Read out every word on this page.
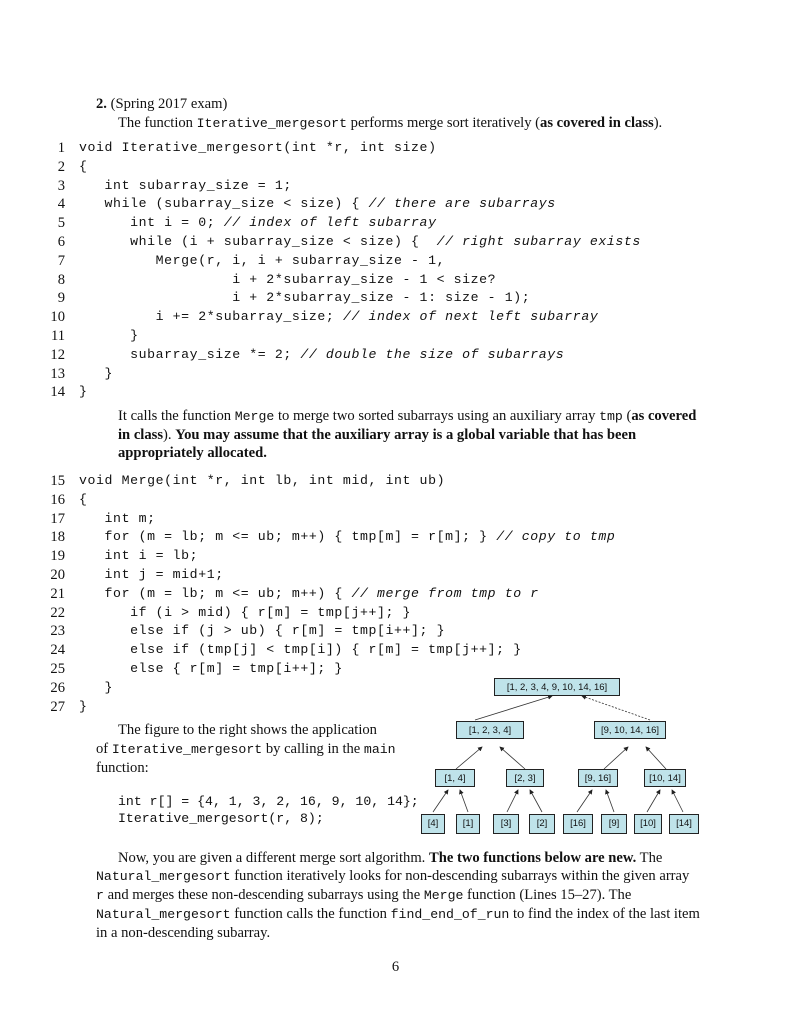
2. (Spring 2017 exam)
The function Iterative_mergesort performs merge sort iteratively (as covered in class).
1 void Iterative_mergesort(int *r, int size)
2 {
3 int subarray_size = 1;
4 while (subarray_size < size) { // there are subarrays
5 int i = 0; // index of left subarray
6 while (i + subarray_size < size) {  // right subarray exists
7 Merge(r, i, i + subarray_size - 1,
8 i + 2*subarray_size - 1 < size?
9 i + 2*subarray_size - 1: size - 1);
10 i += 2*subarray_size; // index of next left subarray
11 }
12 subarray_size *= 2; // double the size of subarrays
13 }
14 }
It calls the function Merge to merge two sorted subarrays using an auxiliary array tmp (as covered in class). You may assume that the auxiliary array is a global variable that has been appropriately allocated.
15 void Merge(int *r, int lb, int mid, int ub)
16 {
17 int m;
18 for (m = lb; m <= ub; m++) { tmp[m] = r[m]; } // copy to tmp
19 int i = lb;
20 int j = mid+1;
21 for (m = lb; m <= ub; m++) { // merge from tmp to r
22 if (i > mid) { r[m] = tmp[j++]; }
23 else if (j > ub) { r[m] = tmp[i++]; }
24 else if (tmp[j] < tmp[i]) { r[m] = tmp[j++]; }
25 else { r[m] = tmp[i++]; }
26 }
27 }
The figure to the right shows the application
of Iterative_mergesort by calling in the main
function:
int r[] = {4, 1, 3, 2, 16, 9, 10, 14};
Iterative_mergesort(r, 8);
[1, 2, 3, 4, 9, 10, 14, 16]
[1, 2, 3, 4]	[9, 10, 14, 16]
[1, 4]	[2, 3]	[9, 16]	[10, 14]
[4]	[1]	[3]	[2]	[16]	[9]	[10]	[14]
Now, you are given a different merge sort algorithm. The two functions below are new. The Natural_mergesort function iteratively looks for non-descending subarrays within the given array r and merges these non-descending subarrays using the Merge function (Lines 15–27). The Natural_mergesort function calls the function find_end_of_run to find the index of the last item in a non-descending subarray.
6
